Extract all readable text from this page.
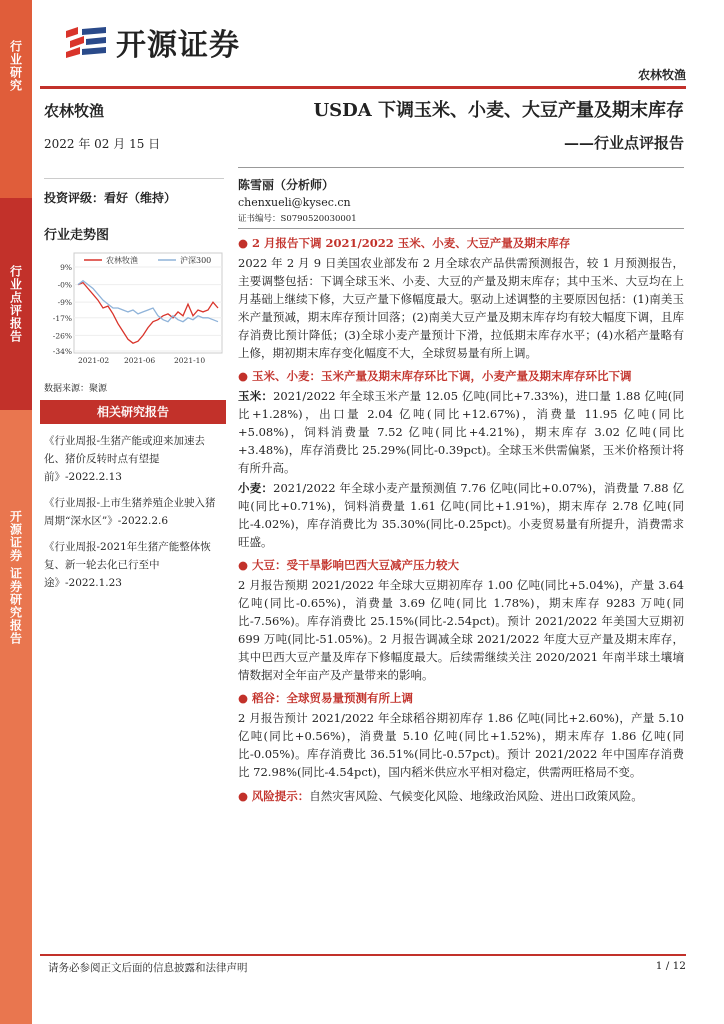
行业研究
行业点评报告
开源证券 证券研究报告
开源证券
农林牧渔
农林牧渔
2022 年 02 月 15 日
投资评级：看好（维持）
行业走势图
农林牧渔	沪深300
9%
-0%
-9%
-17%
-26%
-34%
2021-02 2021-06	2021-10
数据来源：聚源
相关研究报告
《行业周报-生猪产能或迎来加速去化、猪价反转时点有望提前》-2022.2.13
《行业周报-上市生猪养殖企业驶入猪周期“深水区”》-2022.2.6
《行业周报-2021年生猪产能整体恢复、新一轮去化已行至中途》-2022.1.23
USDA 下调玉米、小麦、大豆产量及期末库存
——行业点评报告
陈雪丽（分析师）
chenxueli@kysec.cn
证书编号：S0790520030001
● 2 月报告下调 2021/2022 玉米、小麦、大豆产量及期末库存
2022 年 2 月 9 日美国农业部发布 2 月全球农产品供需预测报告，较 1 月预测报告，主要调整包括：下调全球玉米、小麦、大豆的产量及期末库存；其中玉米、大豆均在上月基础上继续下修，大豆产量下修幅度最大。驱动上述调整的主要原因包括：(1)南美玉米产量预减，期末库存预计回落；(2)南美大豆产量及期末库存均有较大幅度下调，且库存消费比预计降低；(3)全球小麦产量预计下滑，拉低期末库存水平；(4)水稻产量略有上修，期初期末库存变化幅度不大，全球贸易量有所上调。
● 玉米、小麦：玉米产量及期末库存环比下调，小麦产量及期末库存环比下调
玉米：2021/2022 年全球玉米产量 12.05 亿吨(同比+7.33%)，进口量 1.88 亿吨(同比+1.28%)，出口量 2.04 亿吨(同比+12.67%)，消费量 11.95 亿吨(同比+5.08%)，饲料消费量 7.52 亿吨(同比+4.21%)，期末库存 3.02 亿吨(同比+3.48%)，库存消费比 25.29%(同比-0.39pct)。全球玉米供需偏紧，玉米价格预计将有所升高。
小麦：2021/2022 年全球小麦产量预测值 7.76 亿吨(同比+0.07%)，消费量 7.88 亿吨(同比+0.71%)，饲料消费量 1.61 亿吨(同比+1.91%)，期末库存 2.78 亿吨(同比-4.02%)，库存消费比为 35.30%(同比-0.25pct)。小麦贸易量有所提升，消费需求旺盛。
● 大豆：受干旱影响巴西大豆减产压力较大
2 月报告预期 2021/2022 年全球大豆期初库存 1.00 亿吨(同比+5.04%)，产量 3.64 亿吨(同比-0.65%)，消费量 3.69 亿吨(同比 1.78%)，期末库存 9283 万吨(同比-7.56%)。库存消费比 25.15%(同比-2.54pct)。预计 2021/2022 年美国大豆期初 699 万吨(同比-51.05%)。2 月报告调减全球 2021/2022 年度大豆产量及期末库存，其中巴西大豆产量及库存下修幅度最大。后续需继续关注 2020/2021 年南半球土壤墒情数据对全年亩产及产量带来的影响。
● 稻谷：全球贸易量预测有所上调
2 月报告预计 2021/2022 年全球稻谷期初库存 1.86 亿吨(同比+2.60%)，产量 5.10 亿吨(同比+0.56%)，消费量 5.10 亿吨(同比+1.52%)，期末库存 1.86 亿吨(同比-0.05%)。库存消费比 36.51%(同比-0.57pct)。预计 2021/2022 年中国库存消费比 72.98%(同比-4.54pct)，国内稻米供应水平相对稳定，供需两旺格局不变。
● 风险提示：自然灾害风险、气候变化风险、地缘政治风险、进出口政策风险。
请务必参阅正文后面的信息披露和法律声明	1 / 12
